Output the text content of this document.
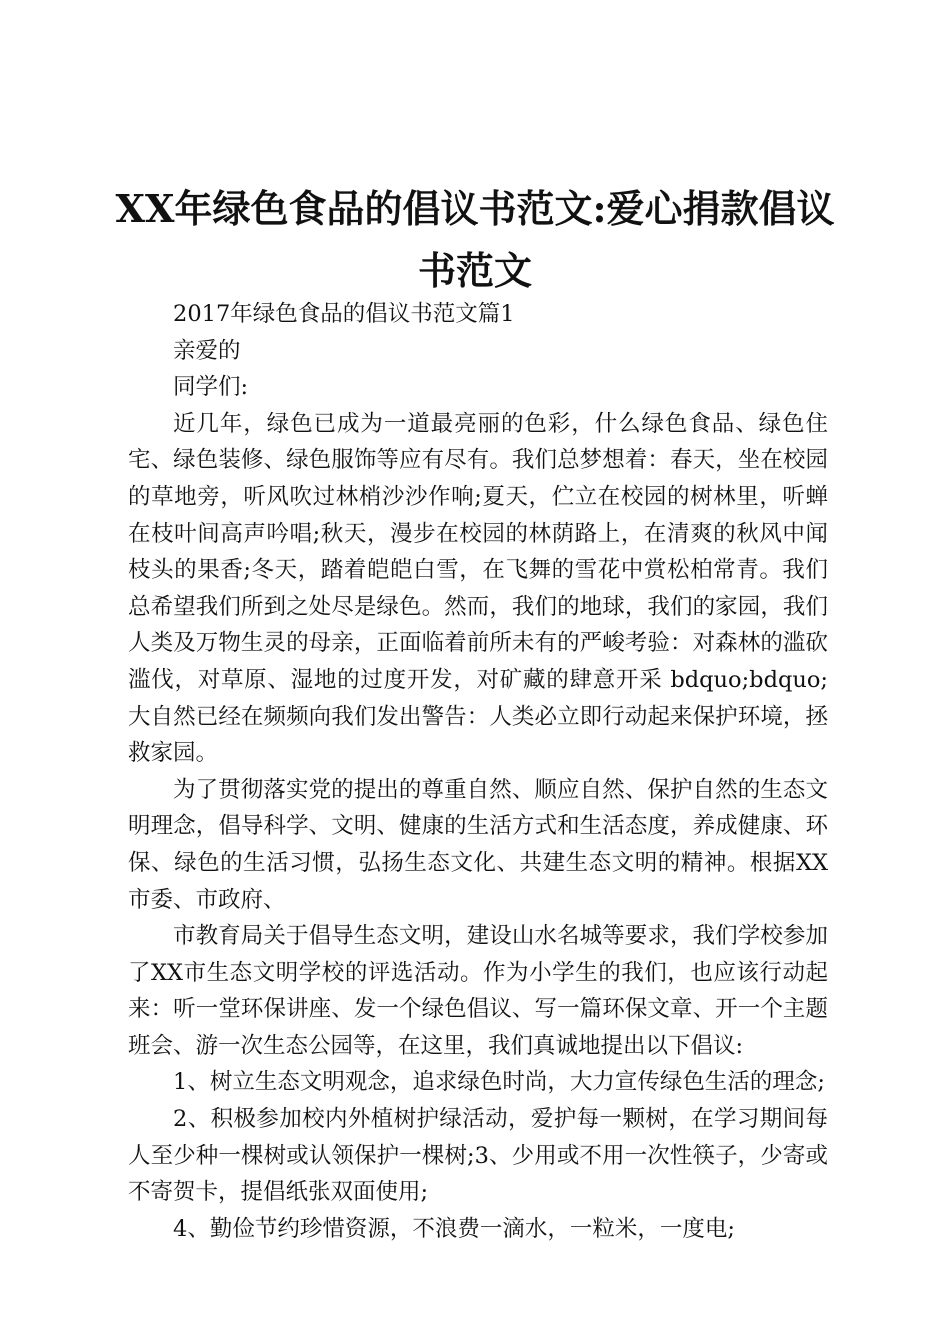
XX年绿色食品的倡议书范文:爱心捐款倡议书范文

2017年绿色食品的倡议书范文篇1

亲爱的

同学们:

近几年，绿色已成为一道最亮丽的色彩，什么绿色食品、绿色住宅、绿色装修、绿色服饰等应有尽有。我们总梦想着：春天，坐在校园的草地旁，听风吹过林梢沙沙作响;夏天，伫立在校园的树林里，听蝉在枝叶间高声吟唱;秋天，漫步在校园的林荫路上，在清爽的秋风中闻枝头的果香;冬天，踏着皑皑白雪，在飞舞的雪花中赏松柏常青。我们总希望我们所到之处尽是绿色。然而，我们的地球，我们的家园，我们人类及万物生灵的母亲，正面临着前所未有的严峻考验：对森林的滥砍滥伐，对草原、湿地的过度开发，对矿藏的肆意开采 bdquo;bdquo;大自然已经在频频向我们发出警告：人类必立即行动起来保护环境，拯救家园。

为了贯彻落实党的提出的尊重自然、顺应自然、保护自然的生态文明理念，倡导科学、文明、健康的生活方式和生活态度，养成健康、环保、绿色的生活习惯，弘扬生态文化、共建生态文明的精神。根据XX市委、市政府、

市教育局关于倡导生态文明，建设山水名城等要求，我们学校参加了XX市生态文明学校的评选活动。作为小学生的我们，也应该行动起来：听一堂环保讲座、发一个绿色倡议、写一篇环保文章、开一个主题班会、游一次生态公园等，在这里，我们真诚地提出以下倡议:

1、树立生态文明观念，追求绿色时尚，大力宣传绿色生活的理念;

2、积极参加校内外植树护绿活动，爱护每一颗树，在学习期间每人至少种一棵树或认领保护一棵树;3、少用或不用一次性筷子，少寄或不寄贺卡，提倡纸张双面使用;

4、勤俭节约珍惜资源，不浪费一滴水，一粒米，一度电;
